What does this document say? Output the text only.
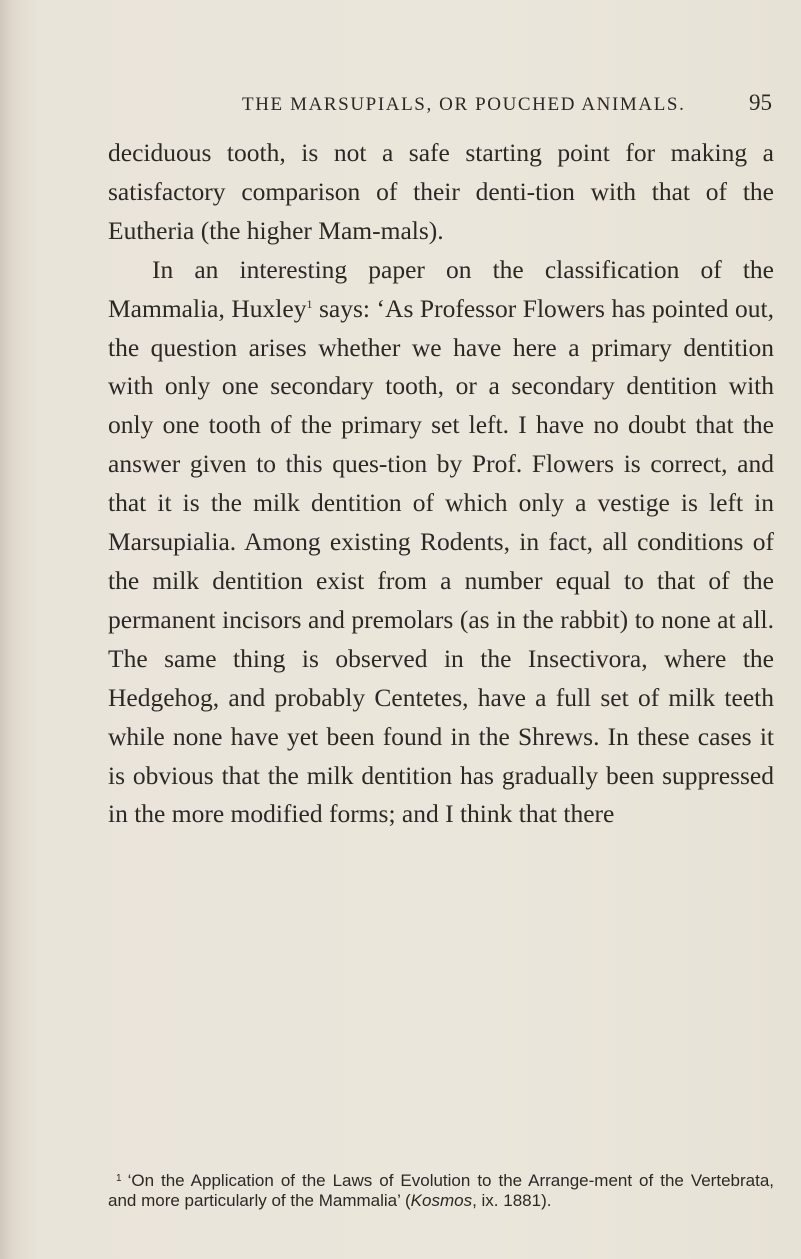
THE MARSUPIALS, OR POUCHED ANIMALS.	95

deciduous tooth, is not a safe starting point for making a satisfactory comparison of their denti-tion with that of the Eutheria (the higher Mam-mals).

In an interesting paper on the classification of the Mammalia, Huxley$^1$ says: ‘As Professor Flowers has pointed out, the question arises whether we have here a primary dentition with only one secondary tooth, or a secondary dentition with only one tooth of the primary set left. I have no doubt that the answer given to this ques-tion by Prof. Flowers is correct, and that it is the milk dentition of which only a vestige is left in Marsupialia. Among existing Rodents, in fact, all conditions of the milk dentition exist from a number equal to that of the permanent incisors and premolars (as in the rabbit) to none at all. The same thing is observed in the Insectivora, where the Hedgehog, and probably Centetes, have a full set of milk teeth while none have yet been found in the Shrews. In these cases it is obvious that the milk dentition has gradually been suppressed in the more modified forms; and I think that there

$^1$ ‘On the Application of the Laws of Evolution to the Arrange-ment of the Vertebrata, and more particularly of the Mammalia’ (Kosmos, ix. 1881).
